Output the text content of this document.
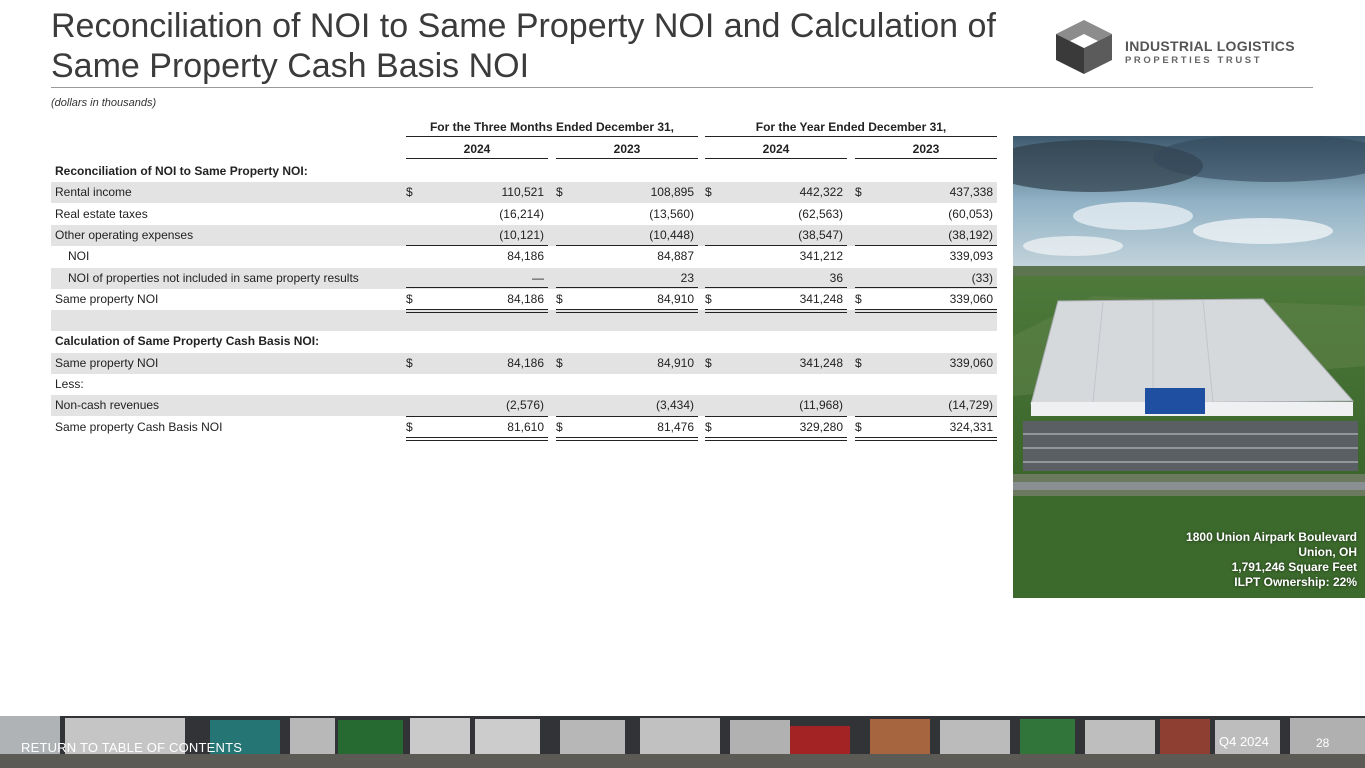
Reconciliation of NOI to Same Property NOI and Calculation of Same Property Cash Basis NOI
(dollars in thousands)
INDUSTRIAL LOGISTICS
PROPERTIES TRUST
For the Three Months Ended December 31,	For the Year Ended December 31,
2024	2023	2024	2023
Reconciliation of NOI to Same Property NOI:
Rental income	$	110,521 $	108,895 $	442,322 $	437,338
Real estate taxes	(16,214)	(13,560)	(62,563)	(60,053)
Other operating expenses	(10,121)	(10,448)	(38,547)	(38,192)
NOI	84,186	84,887	341,212	339,093
NOI of properties not included in same property results	—	23	36	(33)
Same property NOI	$	84,186 $	84,910 $	341,248 $	339,060
Calculation of Same Property Cash Basis NOI:
Same property NOI	$	84,186 $	84,910 $	341,248 $	339,060
Less:
Non-cash revenues	(2,576)	(3,434)	(11,968)	(14,729)
Same property Cash Basis NOI	$	81,610 $	81,476 $	329,280 $	324,331
1800 Union Airpark Boulevard
Union, OH
1,791,246 Square Feet
ILPT Ownership: 22%
RETURN TO TABLE OF CONTENTS	Q4 2024	28
